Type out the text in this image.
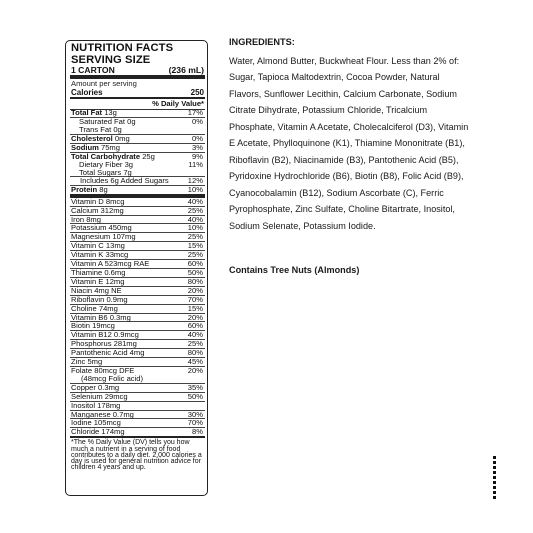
NUTRITION FACTS
SERVING SIZE
1 CARTON	(236 mL)
Amount per serving
Calories	250
% Daily Value*
Total Fat 13g	17%
Saturated Fat 0g	0%
Trans Fat 0g
Cholesterol 0mg	0%
Sodium 75mg	3%
Total Carbohydrate 25g	9%
Dietary Fiber 3g	11%
Total Sugars 7g
Includes 6g Added Sugars	12%
Protein 8g	10%
Vitamin D 8mcg	40%
Calcium 312mg	25%
Iron 8mg	40%
Potassium 450mg	10%
Magnesium 107mg	25%
Vitamin C 13mg	15%
Vitamin K 33mcg	25%
Vitamin A 523mcg RAE	60%
Thiamine 0.6mg	50%
Vitamin E 12mg	80%
Niacin 4mg NE	20%
Riboflavin 0.9mg	70%
Choline 74mg	15%
Vitamin B6 0.3mg	20%
Biotin 19mcg	60%
Vitamin B12 0.9mcg	40%
Phosphorus 281mg	25%
Pantothenic Acid 4mg	80%
Zinc 5mg	45%
Folate 80mcg DFE	20%
(48mcg Folic acid)
Copper 0.3mg	35%
Selenium 29mcg	50%
Inositol 178mg
Manganese 0.7mg	30%
Iodine 105mcg	70%
Chloride 174mg	8%
*The % Daily Value (DV) tells you how much a nutrient in a serving of food contributes to a daily diet. 2,000 calories a day is used for general nutrition advice for children 4 years and up.
INGREDIENTS:

Water, Almond Butter, Buckwheat Flour. Less than 2% of: Sugar, Tapioca Maltodextrin, Cocoa Powder, Natural Flavors, Sunflower Lecithin, Calcium Carbonate, Sodium Citrate Dihydrate, Potassium Chloride, Tricalcium Phosphate, Vitamin A Acetate, Cholecalciferol (D3), Vitamin E Acetate, Phylloquinone (K1), Thiamine Mononitrate (B1), Riboflavin (B2), Niacinamide (B3), Pantothenic Acid (B5), Pyridoxine Hydrochloride (B6), Biotin (B8), Folic Acid (B9), Cyanocobalamin (B12), Sodium Ascorbate (C), Ferric Pyrophosphate, Zinc Sulfate, Choline Bitartrate, Inositol, Sodium Selenate, Potassium Iodide.

Contains Tree Nuts (Almonds)
